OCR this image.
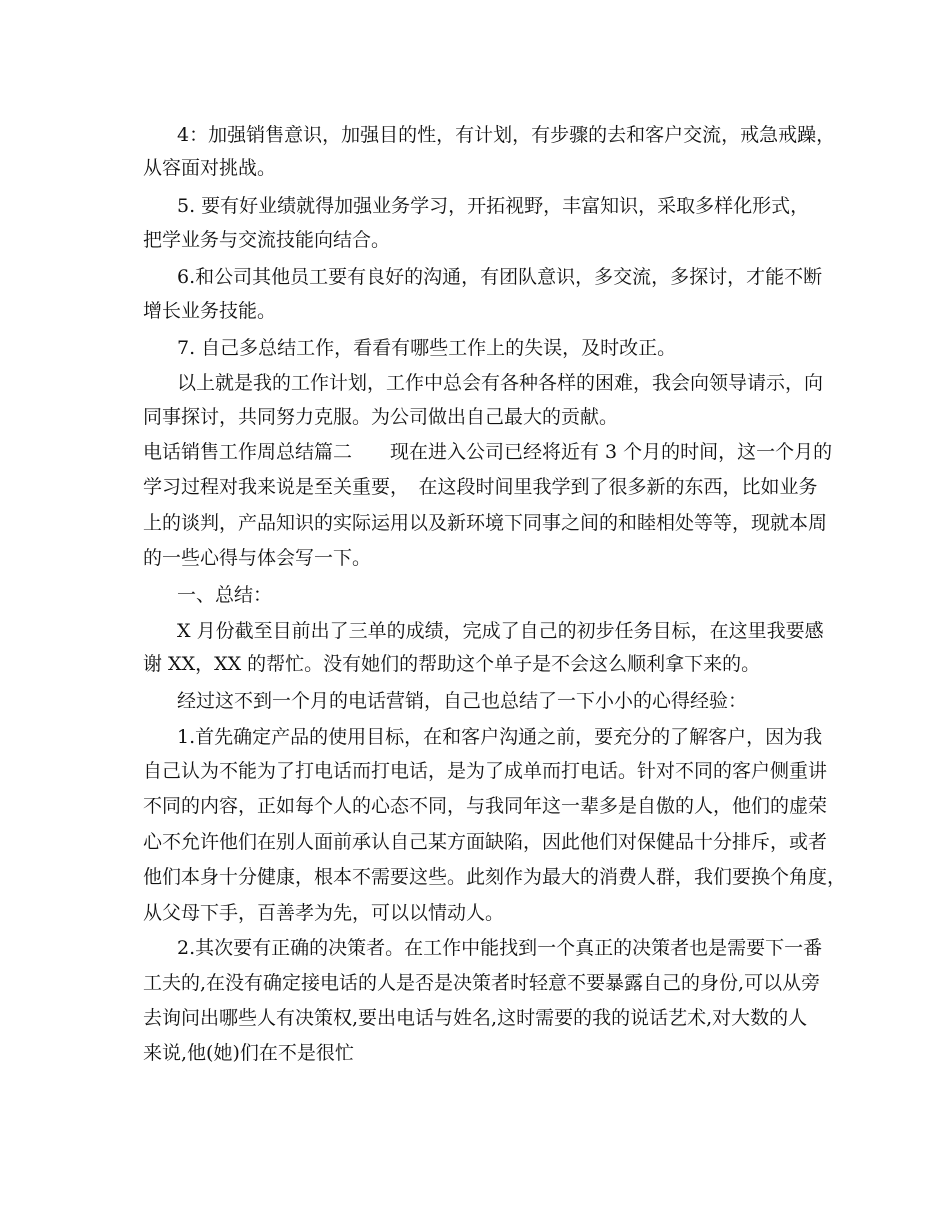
4：加强销售意识，加强目的性，有计划，有步骤的去和客户交流，戒急戒躁，
从容面对挑战。
5. 要有好业绩就得加强业务学习，开拓视野，丰富知识，采取多样化形式，
把学业务与交流技能向结合。
6.和公司其他员工要有良好的沟通，有团队意识，多交流，多探讨，才能不断
增长业务技能。
7. 自己多总结工作，看看有哪些工作上的失误，及时改正。
以上就是我的工作计划，工作中总会有各种各样的困难，我会向领导请示，向
同事探讨，共同努力克服。为公司做出自己最大的贡献。
电话销售工作周总结篇二　　现在进入公司已经将近有 3 个月的时间，这一个月的
学习过程对我来说是至关重要，　在这段时间里我学到了很多新的东西，比如业务
上的谈判，产品知识的实际运用以及新环境下同事之间的和睦相处等等，现就本周
的一些心得与体会写一下。
一、总结：
X 月份截至目前出了三单的成绩，完成了自己的初步任务目标，在这里我要感
谢 XX，XX 的帮忙。没有她们的帮助这个单子是不会这么顺利拿下来的。
经过这不到一个月的电话营销，自己也总结了一下小小的心得经验：
1.首先确定产品的使用目标，在和客户沟通之前，要充分的了解客户，因为我
自己认为不能为了打电话而打电话，是为了成单而打电话。针对不同的客户侧重讲
不同的内容，正如每个人的心态不同，与我同年这一辈多是自傲的人，他们的虚荣
心不允许他们在别人面前承认自己某方面缺陷，因此他们对保健品十分排斥，或者
他们本身十分健康，根本不需要这些。此刻作为最大的消费人群，我们要换个角度，
从父母下手，百善孝为先，可以以情动人。
2.其次要有正确的决策者。在工作中能找到一个真正的决策者也是需要下一番
工夫的,在没有确定接电话的人是否是决策者时轻意不要暴露自己的身份,可以从旁
去询问出哪些人有决策权,要出电话与姓名,这时需要的我的说话艺术,对大数的人
来说,他(她)们在不是很忙
